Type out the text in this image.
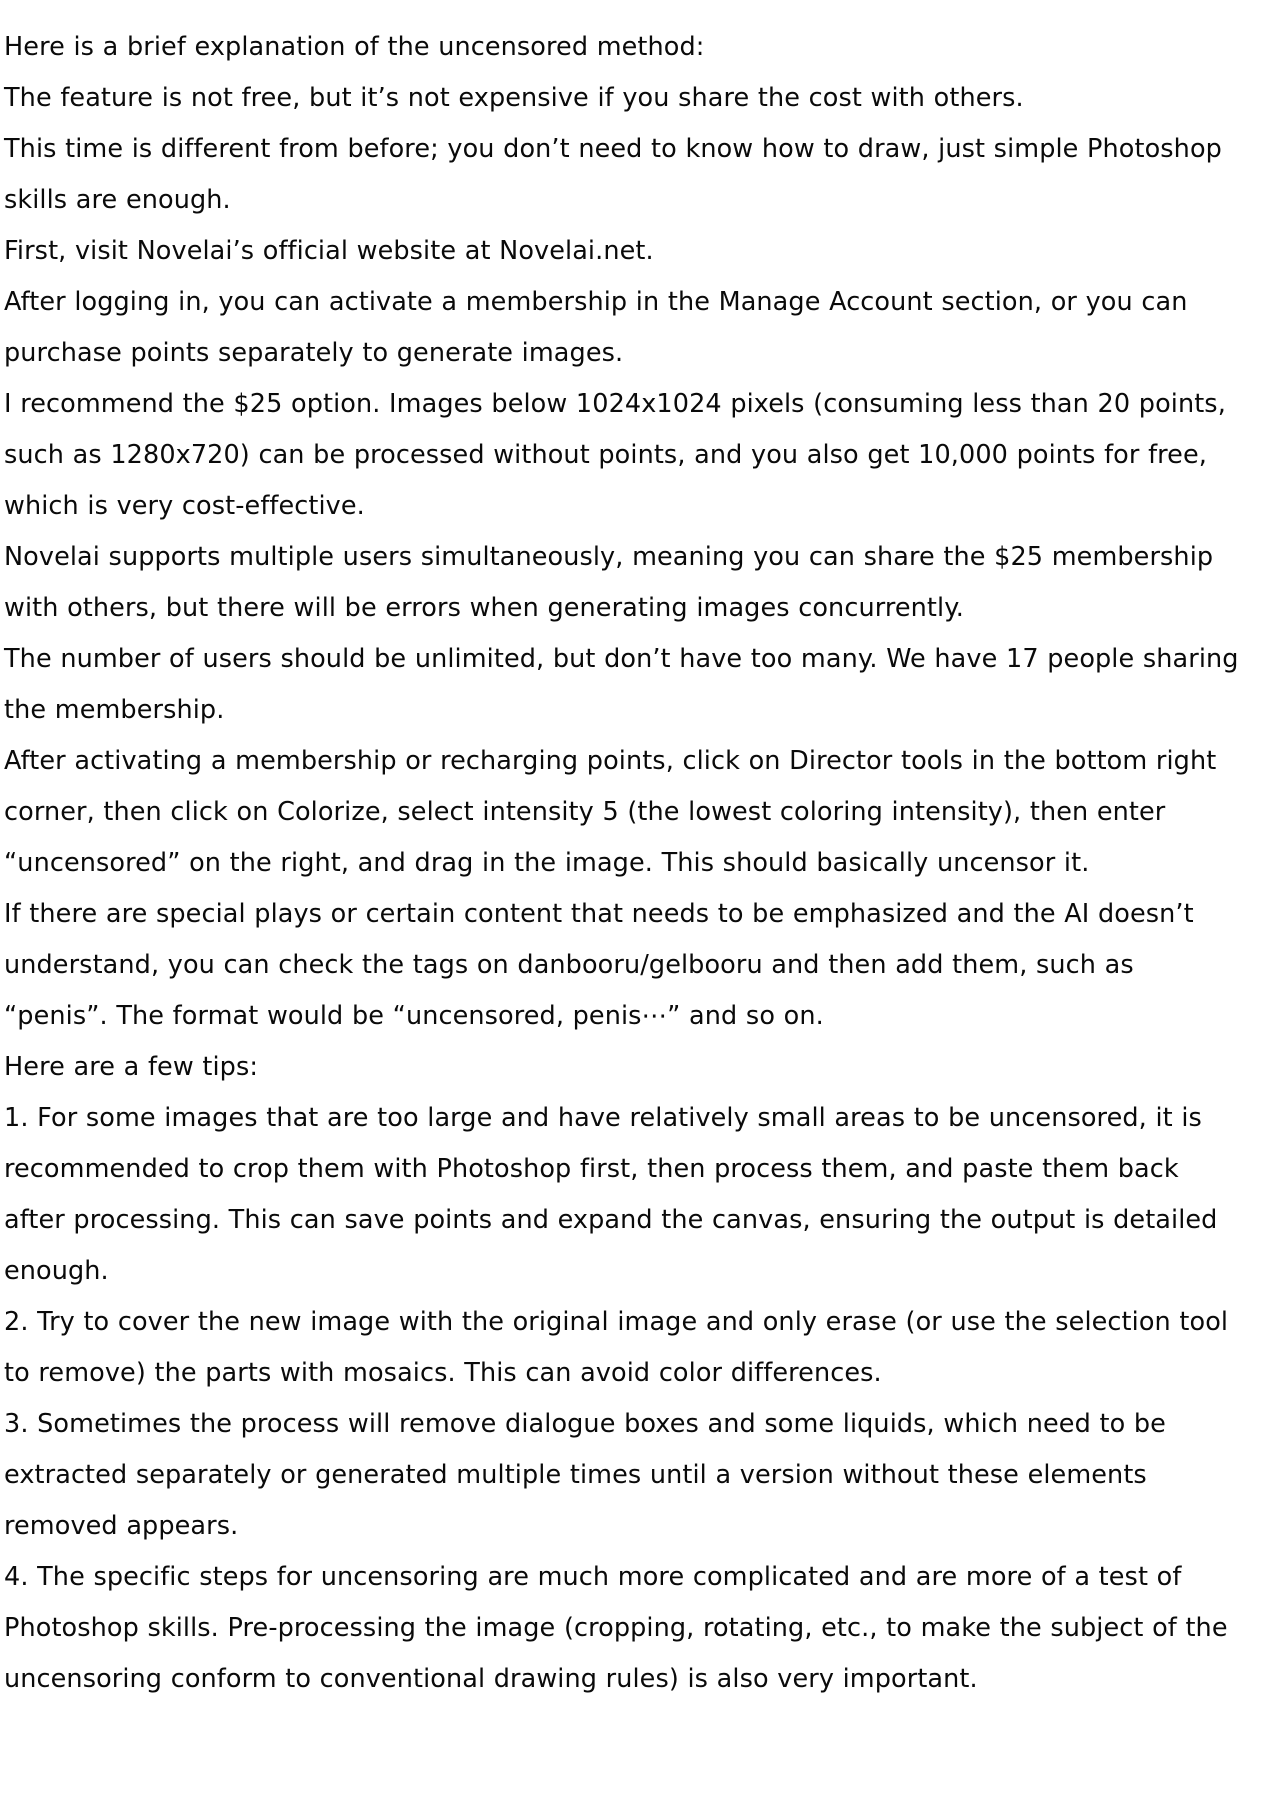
Here is a brief explanation of the uncensored method:

The feature is not free, but it’s not expensive if you share the cost with others.

This time is different from before; you don’t need to know how to draw, just simple Photoshop skills are enough.

First, visit Novelai’s official website at Novelai.net.

After logging in, you can activate a membership in the Manage Account section, or you can purchase points separately to generate images.

I recommend the $25 option. Images below 1024x1024 pixels (consuming less than 20 points, such as 1280x720) can be processed without points, and you also get 10,000 points for free, which is very cost-effective.

Novelai supports multiple users simultaneously, meaning you can share the $25 membership with others, but there will be errors when generating images concurrently.

The number of users should be unlimited, but don’t have too many. We have 17 people sharing the membership.

After activating a membership or recharging points, click on Director tools in the bottom right corner, then click on Colorize, select intensity 5 (the lowest coloring intensity), then enter “uncensored” on the right, and drag in the image. This should basically uncensor it.

If there are special plays or certain content that needs to be emphasized and the AI doesn’t understand, you can check the tags on danbooru/gelbooru and then add them, such as “penis”. The format would be “uncensored, penis⋯” and so on.

Here are a few tips:

1. For some images that are too large and have relatively small areas to be uncensored, it is recommended to crop them with Photoshop first, then process them, and paste them back after processing. This can save points and expand the canvas, ensuring the output is detailed enough.

2. Try to cover the new image with the original image and only erase (or use the selection tool to remove) the parts with mosaics. This can avoid color differences.

3. Sometimes the process will remove dialogue boxes and some liquids, which need to be extracted separately or generated multiple times until a version without these elements removed appears.

4. The specific steps for uncensoring are much more complicated and are more of a test of Photoshop skills. Pre-processing the image (cropping, rotating, etc., to make the subject of the uncensoring conform to conventional drawing rules) is also very important.
